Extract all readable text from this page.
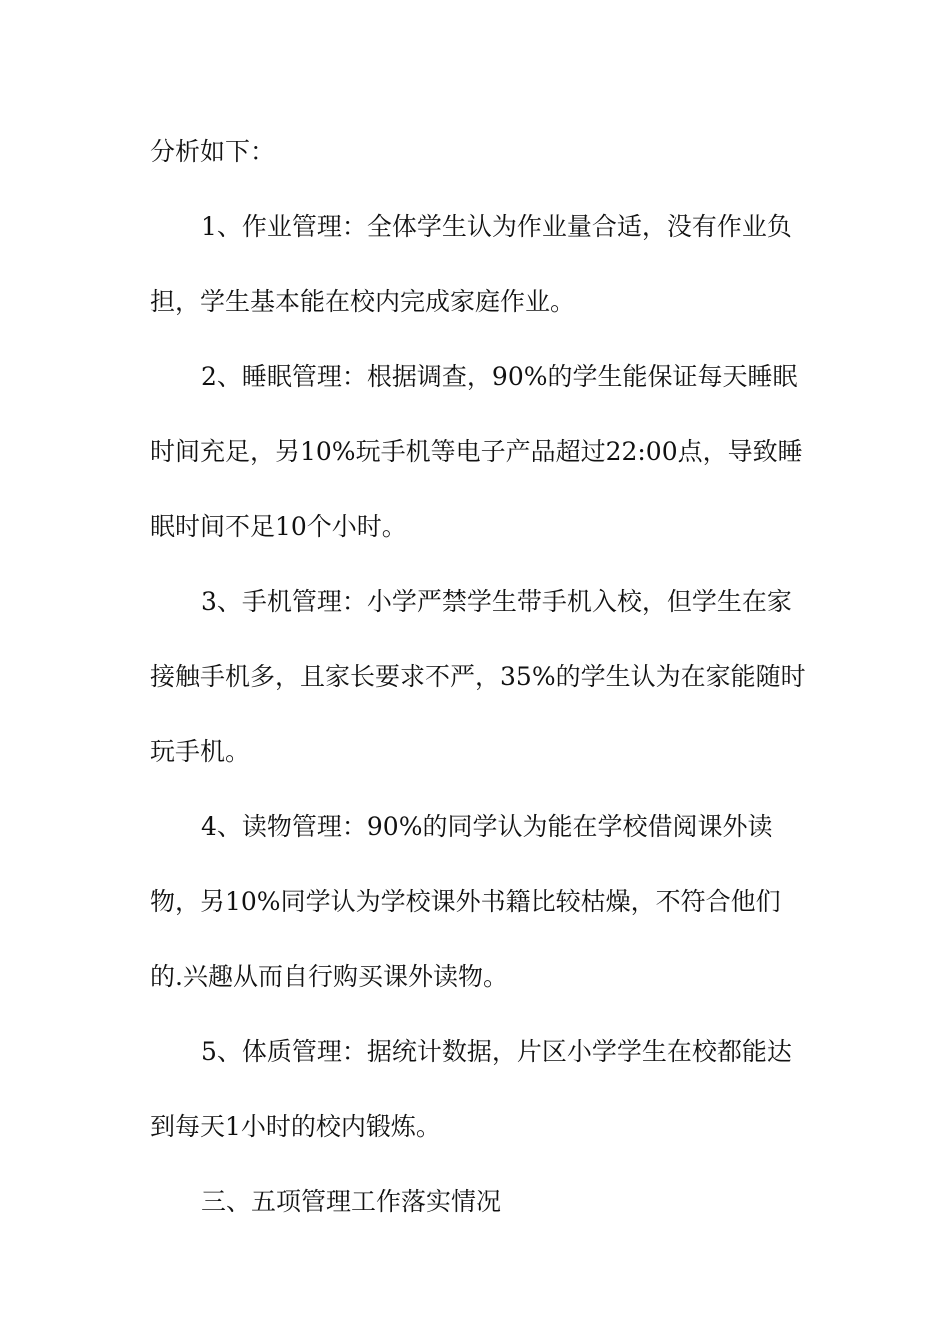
分析如下：
1、作业管理：全体学生认为作业量合适，没有作业负
担，学生基本能在校内完成家庭作业。
2、睡眠管理：根据调查，90%的学生能保证每天睡眠
时间充足，另10%玩手机等电子产品超过22:00点，导致睡
眠时间不足10个小时。
3、手机管理：小学严禁学生带手机入校，但学生在家
接触手机多，且家长要求不严，35%的学生认为在家能随时
玩手机。
4、读物管理：90%的同学认为能在学校借阅课外读
物，另10%同学认为学校课外书籍比较枯燥，不符合他们
的.兴趣从而自行购买课外读物。
5、体质管理：据统计数据，片区小学学生在校都能达
到每天1小时的校内锻炼。
三、五项管理工作落实情况
